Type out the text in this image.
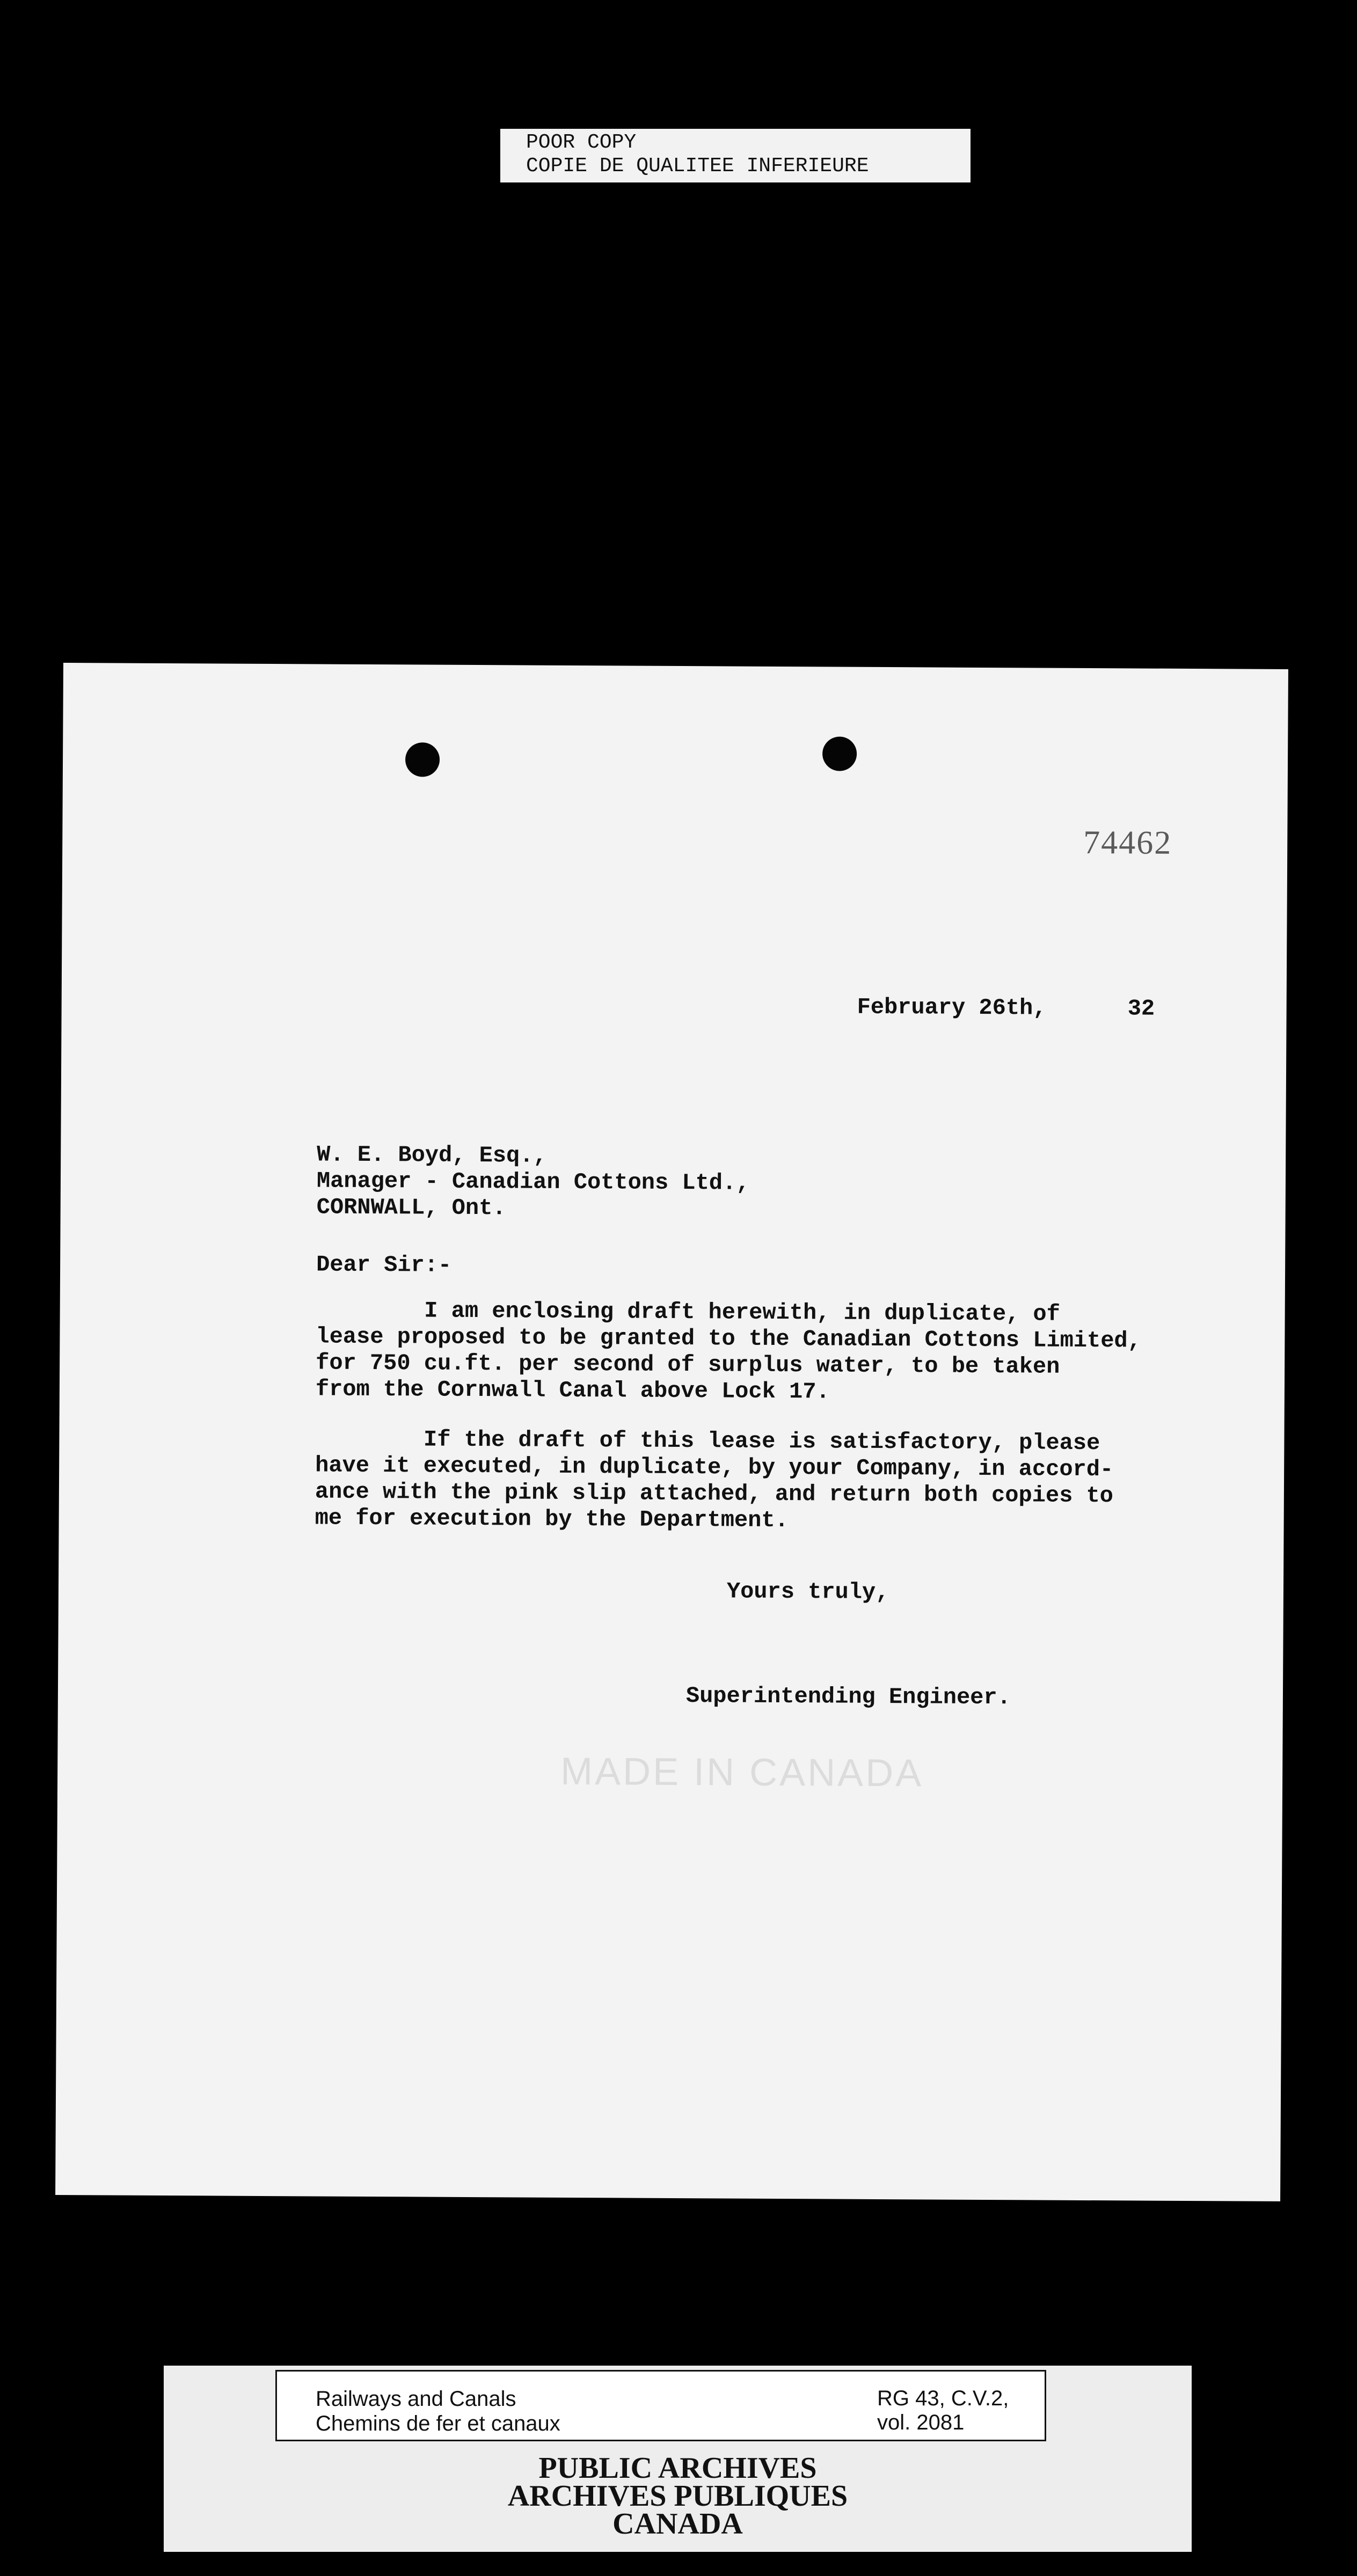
POOR COPY
COPIE DE QUALITEE INFERIEURE
74462
MADE IN CANADA
February 26th,	32
W. E. Boyd, Esq.,
Manager - Canadian Cottons Ltd.,
CORNWALL, Ont.
Dear Sir:-
I am enclosing draft herewith, in duplicate, of
lease proposed to be granted to the Canadian Cottons Limited,
for 750 cu.ft. per second of surplus water, to be taken
from the Cornwall Canal above Lock 17.
If the draft of this lease is satisfactory, please
have it executed, in duplicate, by your Company, in accord-
ance with the pink slip attached, and return both copies to
me for execution by the Department.
Yours truly,
Superintending Engineer.
Railways and Canals
Chemins de fer et canaux
RG 43, C.V.2, vol. 2081
PUBLIC ARCHIVES
ARCHIVES PUBLIQUES
CANADA
